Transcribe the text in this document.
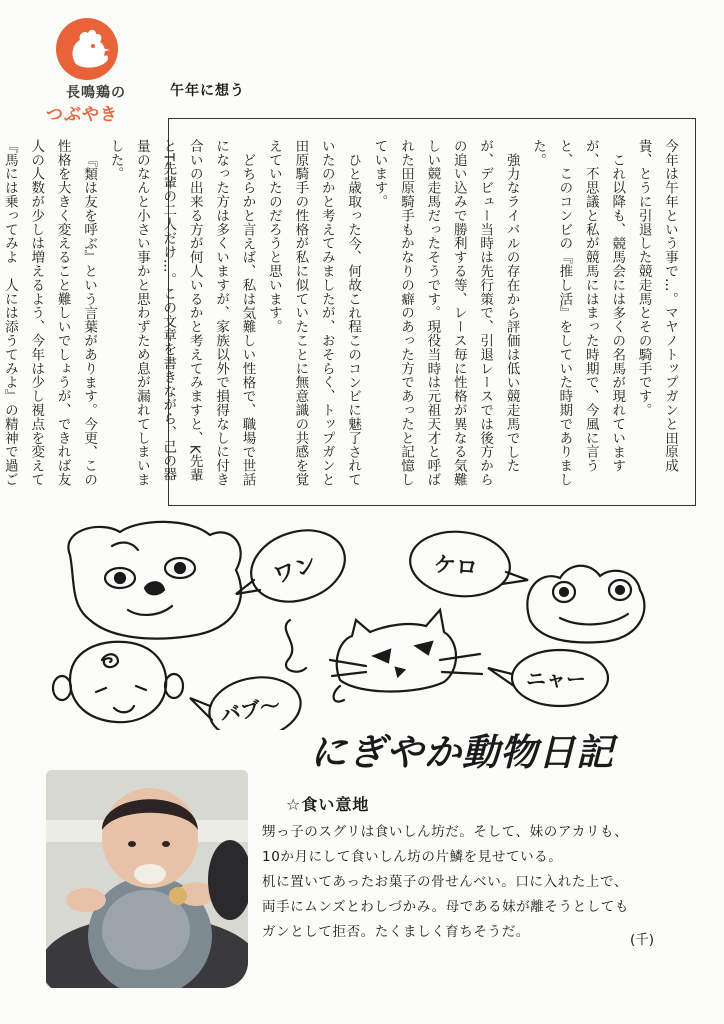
長鳴鶏の
つぶやき
午年に想う

今年は午年という事で…。マヤノトップガンと田原成貴、とうに引退した競走馬とその騎手です。

これ以降も、競馬会には多くの名馬が現れていますが、不思議と私が競馬にはまった時期で、今風に言うと、このコンビの『推し活』をしていた時期でありました。

強力なライバルの存在から評価は低い競走馬でしたが、デビュー当時は先行策で、引退レースでは後方からの追い込みで勝利する等、レース毎に性格が異なる気難しい競走馬だったそうです。現役当時は元祖天才と呼ばれた田原騎手もかなりの癖のあった方であったと記憶しています。

ひと歳取った今、何故これ程このコンビに魅了されていたのかと考えてみましたが、おそらく、トップガンと田原騎手の性格が私に似ていたことに無意識の共感を覚えていたのだろうと思います。

どちらかと言えば、私は気難しい性格で、職場で世話になった方は多くいますが、家族以外で損得なしに付き合いの出来る方が何人いるかと考えてみますと、K先輩とT先輩の二人だけ…。この文章を書きながら、己の器量のなんと小さい事かと思わずため息が漏れてしまいました。

『類は友を呼ぶ』という言葉があります。今更、この性格を大きく変えること難しいでしょうが、できれば友人の人数が少しは増えるよう、今年は少し視点を変えて『馬には乗ってみよ　人には添うてみよ』の精神で過ご

ワン	ケロ
ニャー
バブ〜
にぎやか動物日記
☆食い意地
甥っ子のスグリは食いしん坊だ。そして、妹のアカリも、
10か月にして食いしん坊の片鱗を見せている。
机に置いてあったお菓子の骨せんべい。口に入れた上で、
両手にムンズとわしづかみ。母である妹が離そうとしても
ガンとして拒否。たくましく育ちそうだ。	(千)
